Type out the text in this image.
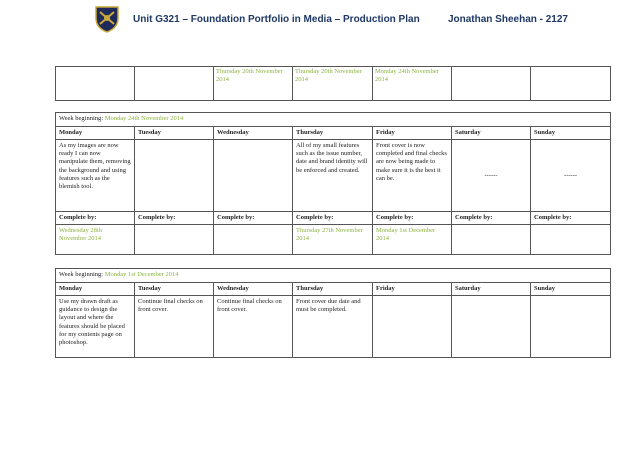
Unit G321 – Foundation Portfolio in Media – Production Plan	Jonathan Sheehan - 2127
		Thursday 20th November 2014	Thursday 20th November 2014	Monday 24th November 2014		
Week beginning: Monday 24th November 2014						
Monday	Tuesday	Wednesday	Thursday	Friday	Saturday	Sunday
As my images are now ready I can now manipulate them, removing the background and using features such as the blemish tool.			All of my small features such as the issue number, date and brand identity will be enforced and created.	Front cover is now completed and final checks are now being made to make sure it is the best it can be.	------	------
Complete by:	Complete by:	Complete by:	Complete by:	Complete by:	Complete by:	Complete by:
Wednesday 28th November 2014			Thursday 27th November 2014	Monday 1st December 2014		
Week beginning: Monday 1st December 2014						
Monday	Tuesday	Wednesday	Thursday	Friday	Saturday	Sunday
Use my drawn draft as guidance to design the layout and where the features should be placed for my contents page on photoshop.	Continue final checks on front cover.	Continue final checks on front cover.	Front cover due date and must be completed.			
